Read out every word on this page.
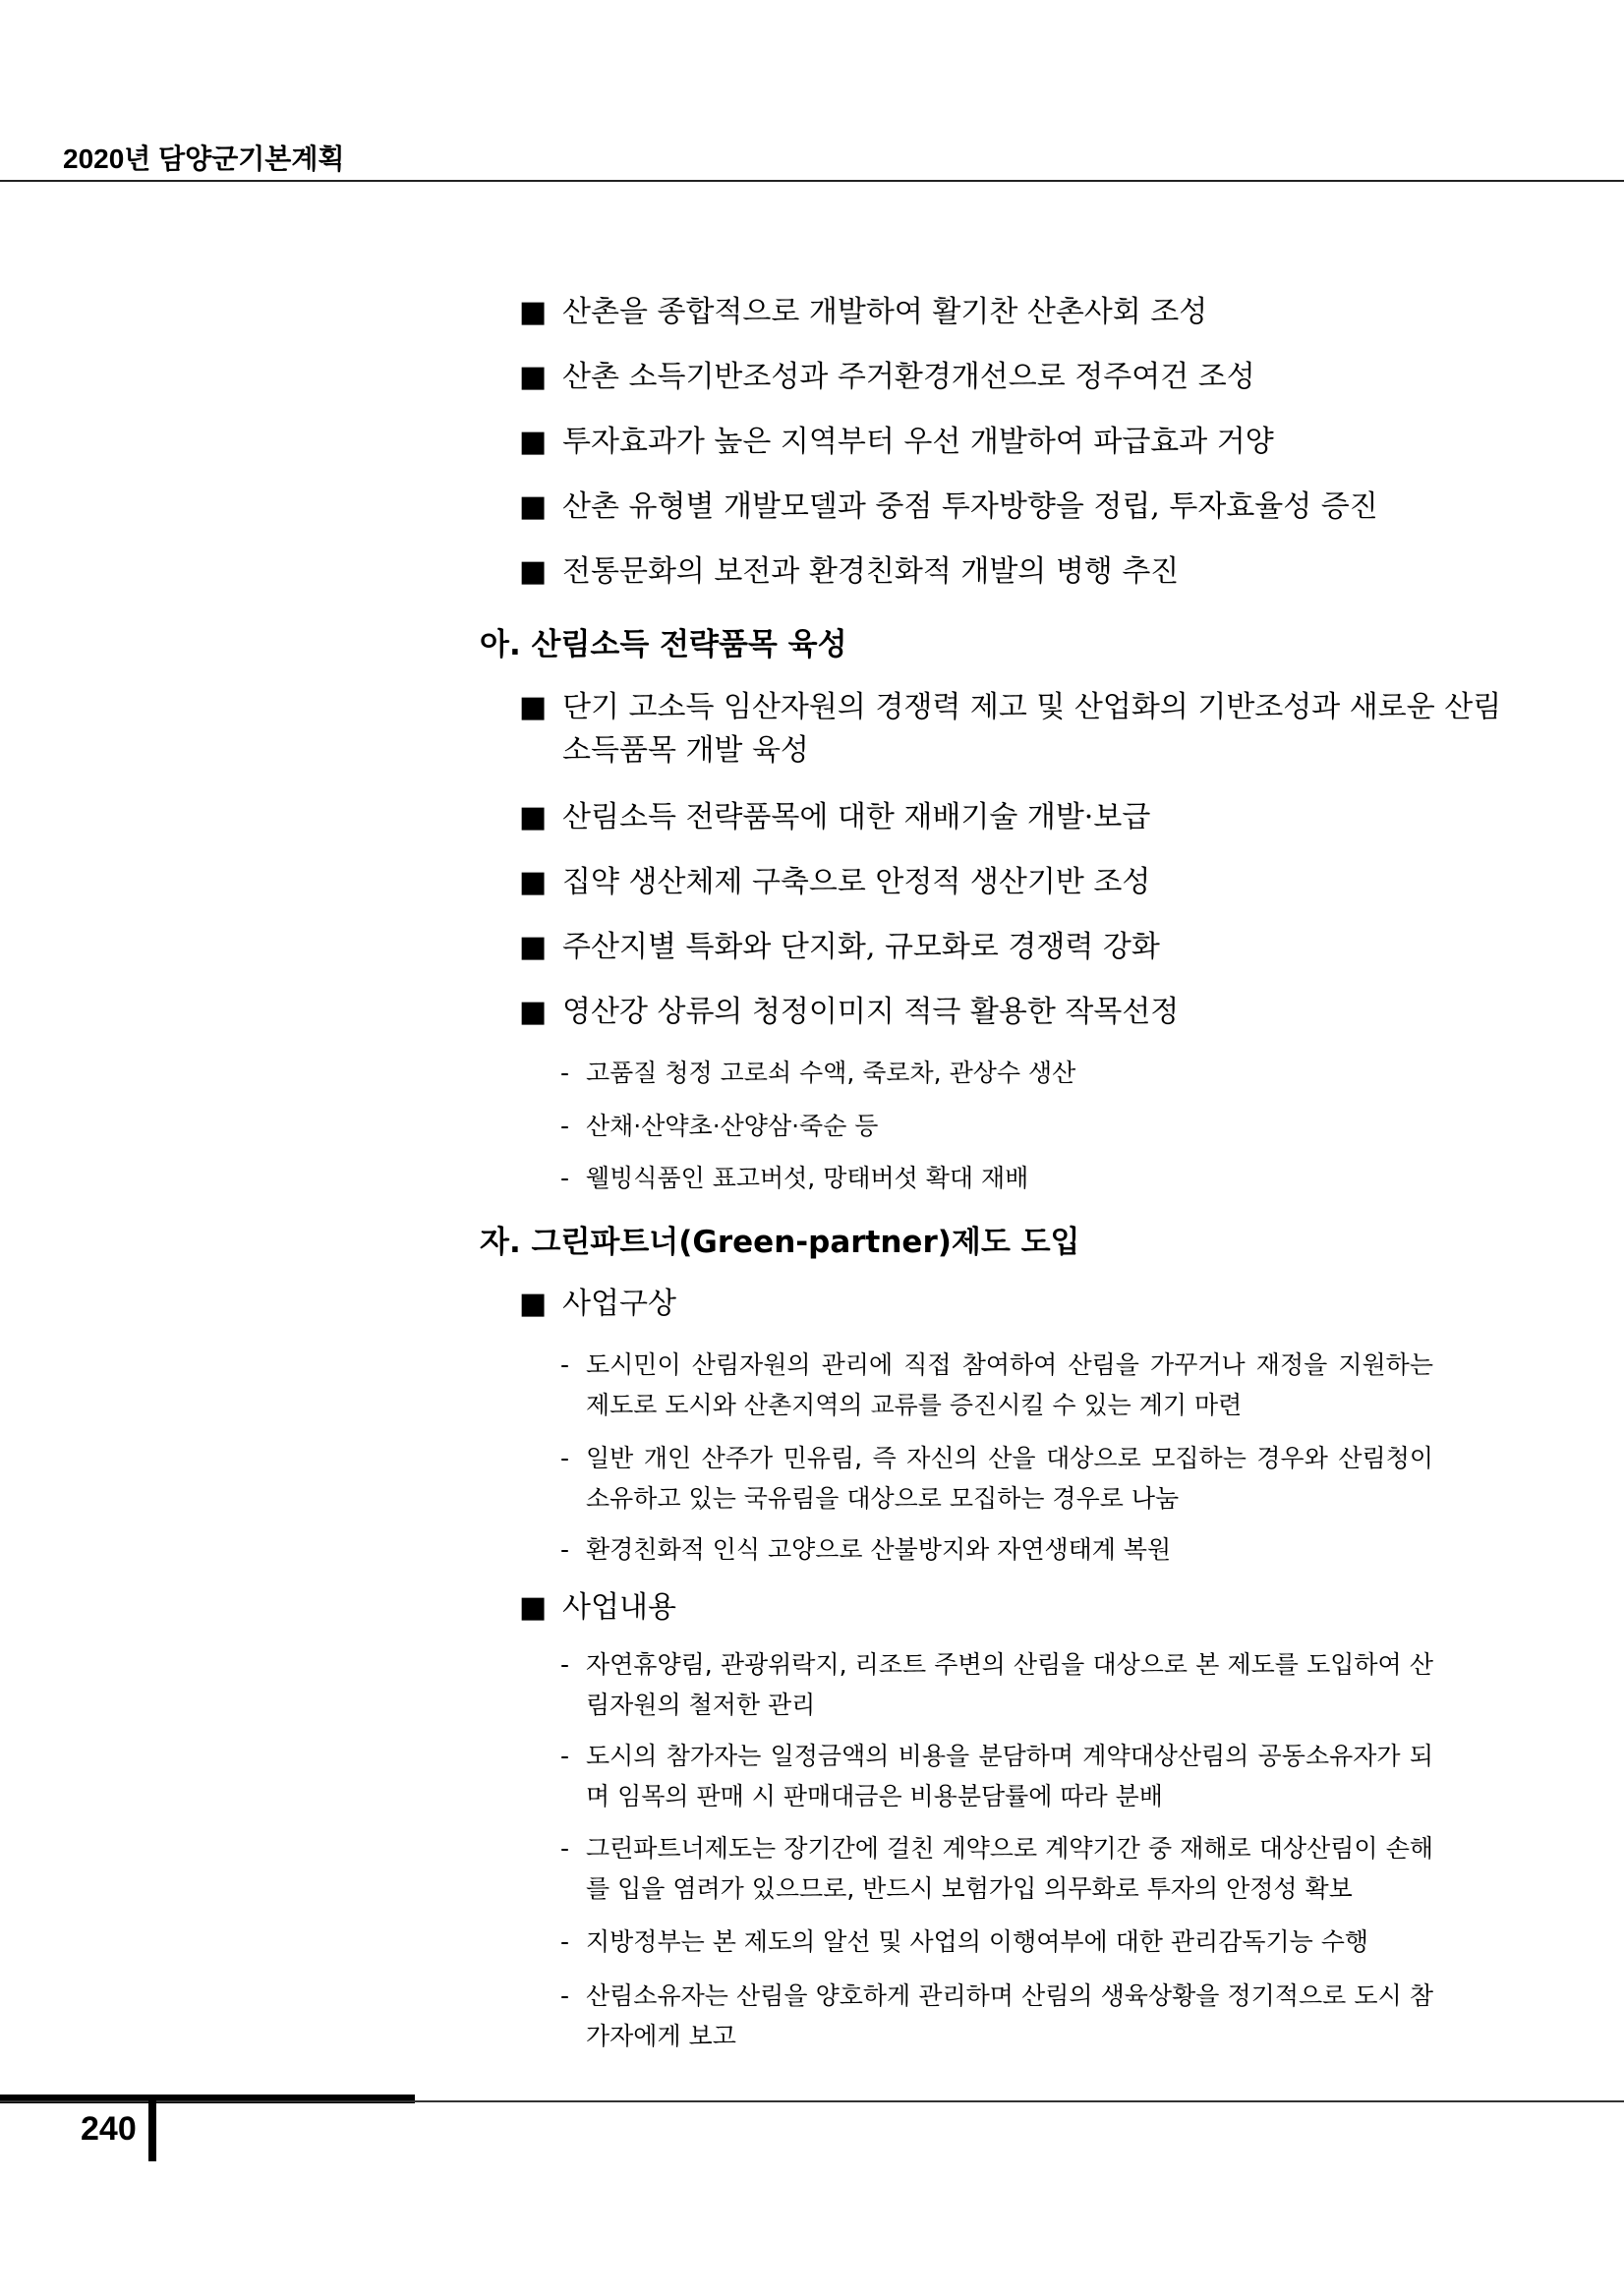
2020년 담양군기본계획
■ 산촌을 종합적으로 개발하여 활기찬 산촌사회 조성
■ 산촌 소득기반조성과 주거환경개선으로 정주여건 조성
■ 투자효과가 높은 지역부터 우선 개발하여 파급효과 거양
■ 산촌 유형별 개발모델과 중점 투자방향을 정립, 투자효율성 증진
■ 전통문화의 보전과 환경친화적 개발의 병행 추진
아. 산림소득 전략품목 육성
■ 단기 고소득 임산자원의 경쟁력 제고 및 산업화의 기반조성과 새로운 산림소득품목 개발 육성
■ 산림소득 전략품목에 대한 재배기술 개발·보급
■ 집약 생산체제 구축으로 안정적 생산기반 조성
■ 주산지별 특화와 단지화, 규모화로 경쟁력 강화
■ 영산강 상류의 청정이미지 적극 활용한 작목선정
- 고품질 청정 고로쇠 수액, 죽로차, 관상수 생산
- 산채·산약초·산양삼·죽순 등
- 웰빙식품인 표고버섯, 망태버섯 확대 재배
자. 그린파트너(Green-partner)제도 도입
■ 사업구상
- 도시민이 산림자원의 관리에 직접 참여하여 산림을 가꾸거나 재정을 지원하는 제도로 도시와 산촌지역의 교류를 증진시킬 수 있는 계기 마련
- 일반 개인 산주가 민유림, 즉 자신의 산을 대상으로 모집하는 경우와 산림청이 소유하고 있는 국유림을 대상으로 모집하는 경우로 나눔
- 환경친화적 인식 고양으로 산불방지와 자연생태계 복원
■ 사업내용
- 자연휴양림, 관광위락지, 리조트 주변의 산림을 대상으로 본 제도를 도입하여 산림자원의 철저한 관리
- 도시의 참가자는 일정금액의 비용을 분담하며 계약대상산림의 공동소유자가 되며 임목의 판매 시 판매대금은 비용분담률에 따라 분배
- 그린파트너제도는 장기간에 걸친 계약으로 계약기간 중 재해로 대상산림이 손해를 입을 염려가 있으므로, 반드시 보험가입 의무화로 투자의 안정성 확보
- 지방정부는 본 제도의 알선 및 사업의 이행여부에 대한 관리감독기능 수행
- 산림소유자는 산림을 양호하게 관리하며 산림의 생육상황을 정기적으로 도시 참가자에게 보고
240
